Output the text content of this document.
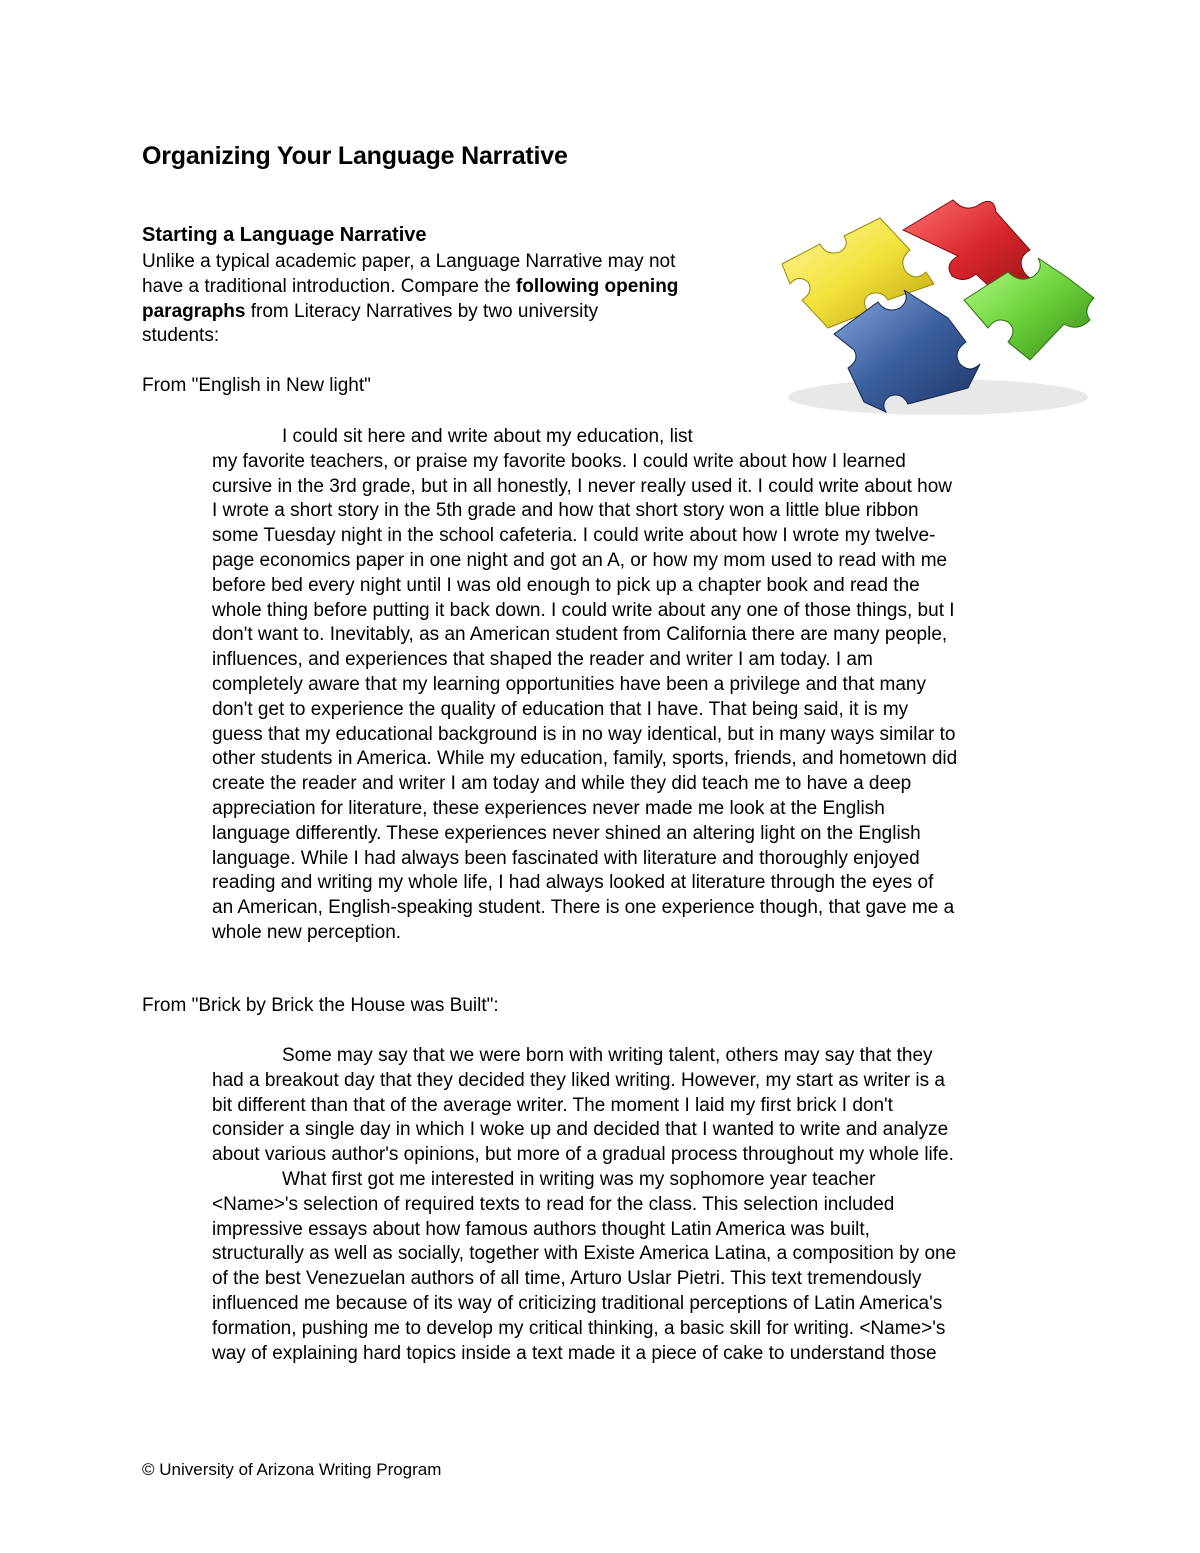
Organizing Your Language Narrative
Starting a Language Narrative
Unlike a typical academic paper, a Language Narrative may not
have a traditional introduction. Compare the following opening
paragraphs from Literacy Narratives by two university
students:
From "English in New light"
I could sit here and write about my education, list
my favorite teachers, or praise my favorite books. I could write about how I learned
cursive in the 3rd grade, but in all honestly, I never really used it. I could write about how
I wrote a short story in the 5th grade and how that short story won a little blue ribbon
some Tuesday night in the school cafeteria. I could write about how I wrote my twelve-
page economics paper in one night and got an A, or how my mom used to read with me
before bed every night until I was old enough to pick up a chapter book and read the
whole thing before putting it back down. I could write about any one of those things, but I
don't want to. Inevitably, as an American student from California there are many people,
influences, and experiences that shaped the reader and writer I am today. I am
completely aware that my learning opportunities have been a privilege and that many
don't get to experience the quality of education that I have. That being said, it is my
guess that my educational background is in no way identical, but in many ways similar to
other students in America. While my education, family, sports, friends, and hometown did
create the reader and writer I am today and while they did teach me to have a deep
appreciation for literature, these experiences never made me look at the English
language differently. These experiences never shined an altering light on the English
language. While I had always been fascinated with literature and thoroughly enjoyed
reading and writing my whole life, I had always looked at literature through the eyes of
an American, English-speaking student. There is one experience though, that gave me a
whole new perception.
From "Brick by Brick the House was Built":
Some may say that we were born with writing talent, others may say that they
had a breakout day that they decided they liked writing. However, my start as writer is a
bit different than that of the average writer. The moment I laid my first brick I don't
consider a single day in which I woke up and decided that I wanted to write and analyze
about various author's opinions, but more of a gradual process throughout my whole life.
What first got me interested in writing was my sophomore year teacher
<Name>'s selection of required texts to read for the class. This selection included
impressive essays about how famous authors thought Latin America was built,
structurally as well as socially, together with Existe America Latina, a composition by one
of the best Venezuelan authors of all time, Arturo Uslar Pietri. This text tremendously
influenced me because of its way of criticizing traditional perceptions of Latin America's
formation, pushing me to develop my critical thinking, a basic skill for writing. <Name>'s
way of explaining hard topics inside a text made it a piece of cake to understand those
© University of Arizona Writing Program
